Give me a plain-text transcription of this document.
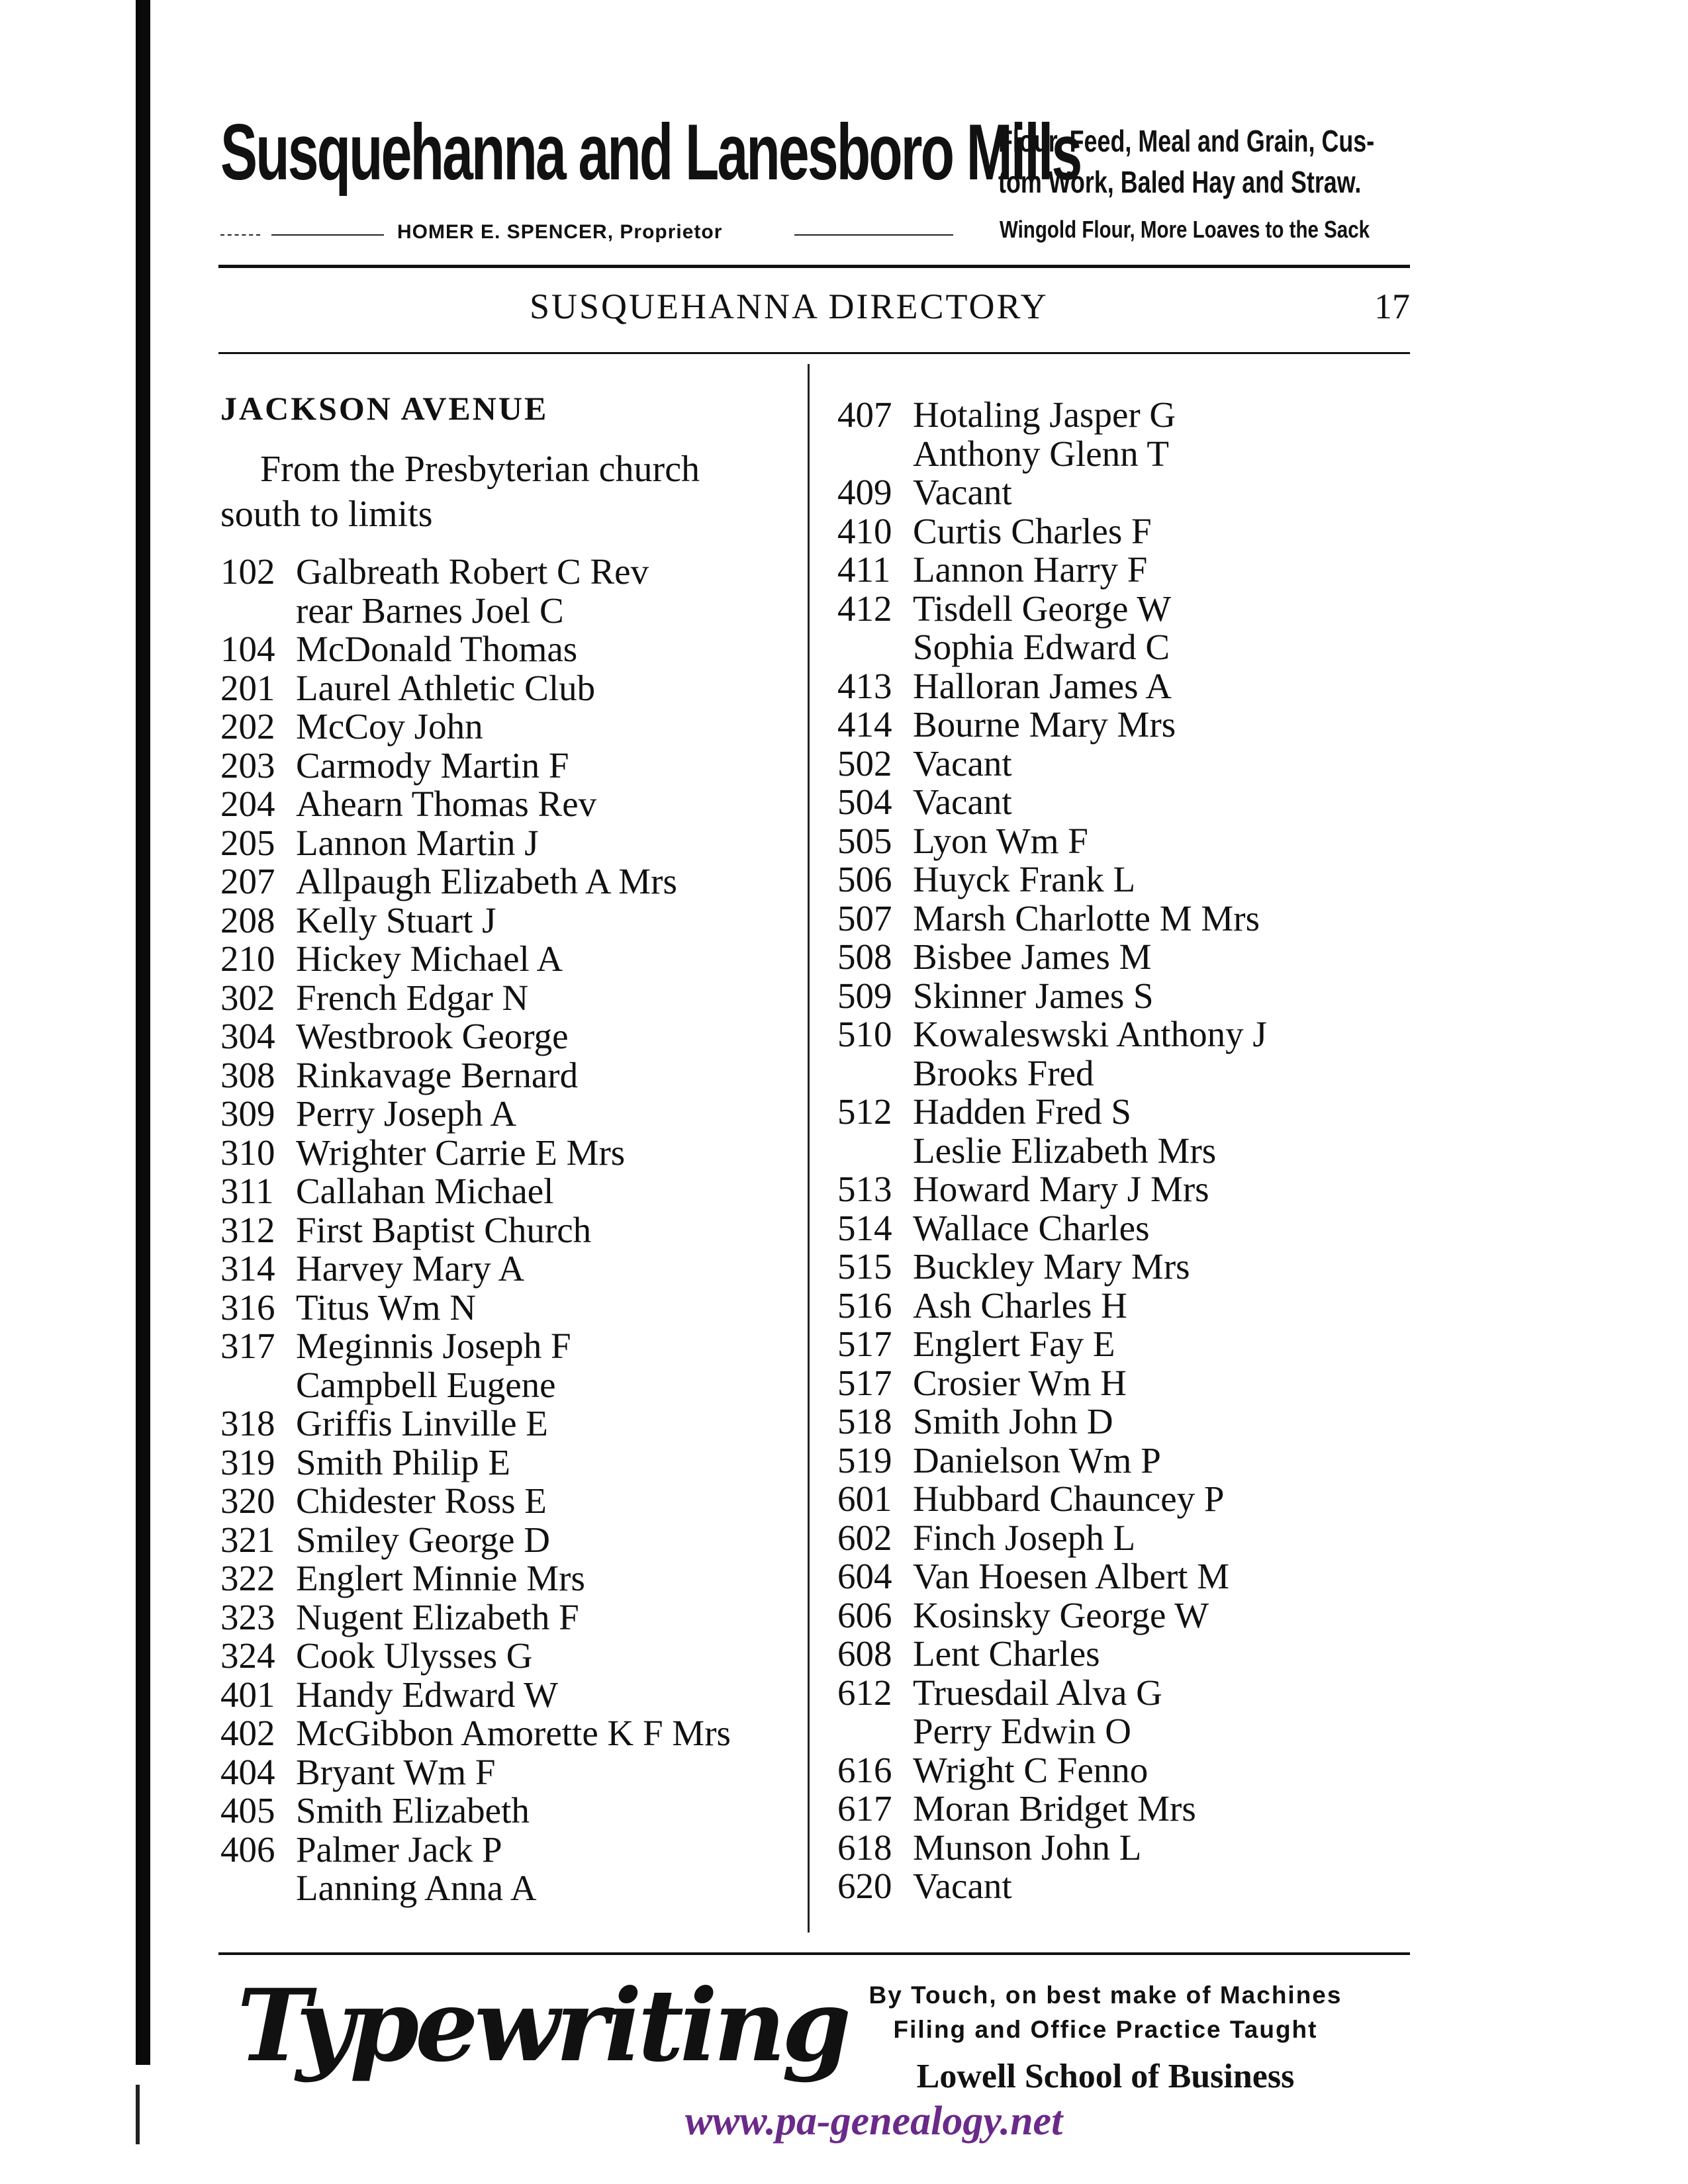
Susquehanna and Lanesboro Mills
Flour, Feed, Meal and Grain, Cus-
tom Work, Baled Hay and Straw.
HOMER E. SPENCER, Proprietor	Wingold Flour, More Loaves to the Sack
SUSQUEHANNA DIRECTORY	17
JACKSON AVENUE
From the Presbyterian church
south to limits
102 Galbreath Robert C Rev
rear Barnes Joel C
104 McDonald Thomas
201 Laurel Athletic Club
202 McCoy John
203 Carmody Martin F
204 Ahearn Thomas Rev
205 Lannon Martin J
207 Allpaugh Elizabeth A Mrs
208 Kelly Stuart J
210 Hickey Michael A
302 French Edgar N
304 Westbrook George
308 Rinkavage Bernard
309 Perry Joseph A
310 Wrighter Carrie E Mrs
311 Callahan Michael
312 First Baptist Church
314 Harvey Mary A
316 Titus Wm N
317 Meginnis Joseph F
Campbell Eugene
318 Griffis Linville E
319 Smith Philip E
320 Chidester Ross E
321 Smiley George D
322 Englert Minnie Mrs
323 Nugent Elizabeth F
324 Cook Ulysses G
401 Handy Edward W
402 McGibbon Amorette K F Mrs
404 Bryant Wm F
405 Smith Elizabeth
406 Palmer Jack P
Lanning Anna A
407 Hotaling Jasper G
Anthony Glenn T
409 Vacant
410 Curtis Charles F
411 Lannon Harry F
412 Tisdell George W
Sophia Edward C
413 Halloran James A
414 Bourne Mary Mrs
502 Vacant
504 Vacant
505 Lyon Wm F
506 Huyck Frank L
507 Marsh Charlotte M Mrs
508 Bisbee James M
509 Skinner James S
510 Kowaleswski Anthony J
Brooks Fred
512 Hadden Fred S
Leslie Elizabeth Mrs
513 Howard Mary J Mrs
514 Wallace Charles
515 Buckley Mary Mrs
516 Ash Charles H
517 Englert Fay E
517 Crosier Wm H
518 Smith John D
519 Danielson Wm P
601 Hubbard Chauncey P
602 Finch Joseph L
604 Van Hoesen Albert M
606 Kosinsky George W
608 Lent Charles
612 Truesdail Alva G
Perry Edwin O
616 Wright C Fenno
617 Moran Bridget Mrs
618 Munson John L
620 Vacant
Typewriting By Touch, on best make of Machines
Filing and Office Practice Taught
Lowell School of Business
www.pa-genealogy.net
